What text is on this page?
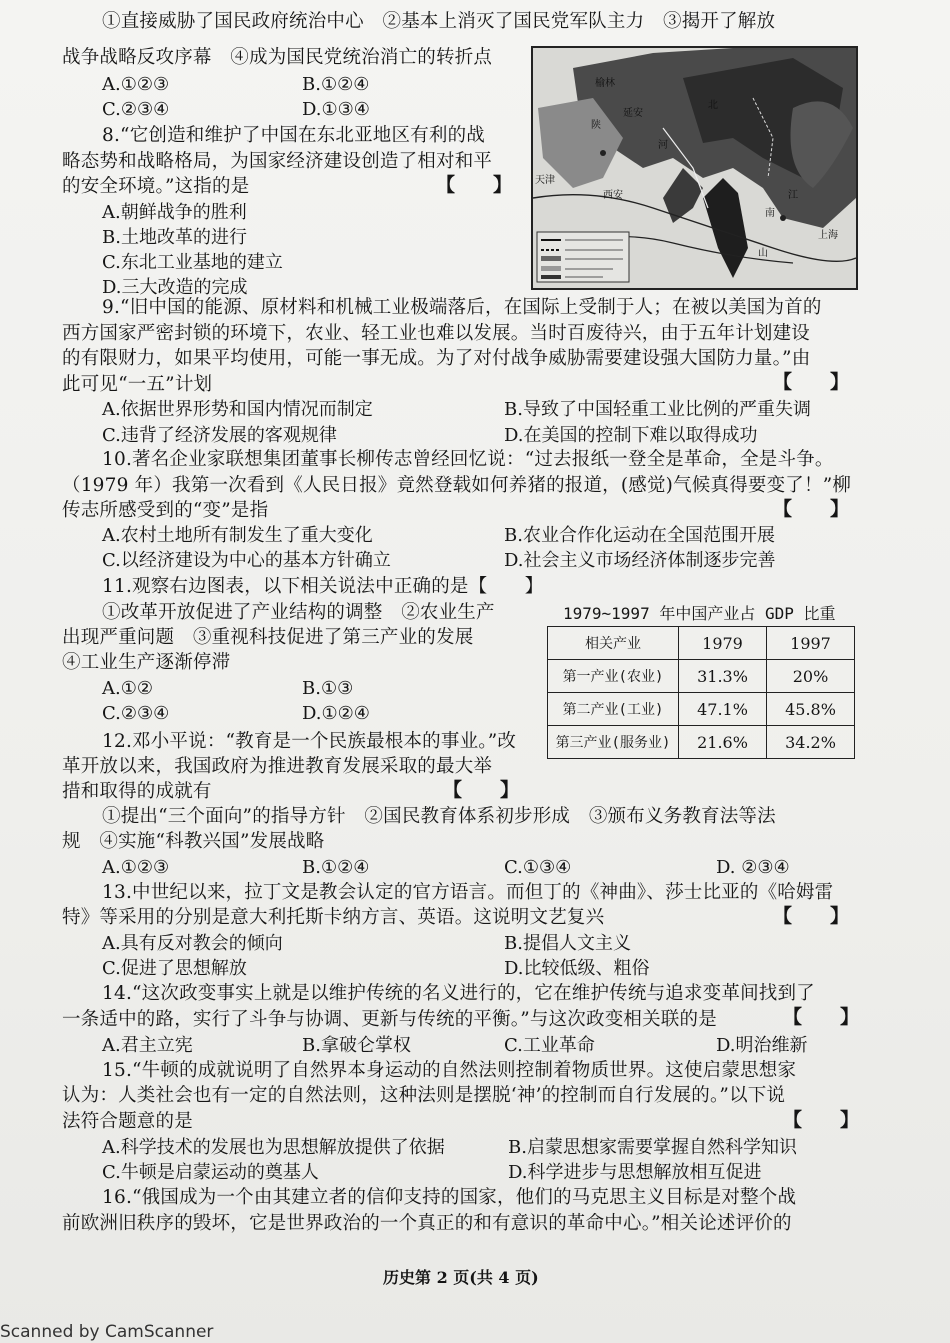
①直接威胁了国民政府统治中心　②基本上消灭了国民党军队主力　③揭开了解放
战争战略反攻序幕　④成为国民党统治消亡的转折点
A.①②③	B.①②④
C.②③④	D.①③④
榆林
陕
天津
延安
河
西安
南
山
北
上海
江
8.“它创造和维护了中国在东北亚地区有利的战
略态势和战略格局，为国家经济建设创造了相对和平
的安全环境。”这指的是	【　　】
A.朝鲜战争的胜利
B.土地改革的进行
C.东北工业基地的建立
D.三大改造的完成
9.“旧中国的能源、原材料和机械工业极端落后，在国际上受制于人；在被以美国为首的
西方国家严密封锁的环境下，农业、轻工业也难以发展。当时百废待兴，由于五年计划建设
的有限财力，如果平均使用，可能一事无成。为了对付战争威胁需要建设强大国防力量。”由
此可见“一五”计划	【　　】
A.依据世界形势和国内情况而制定	B.导致了中国轻重工业比例的严重失调
C.违背了经济发展的客观规律	D.在美国的控制下难以取得成功
10.著名企业家联想集团董事长柳传志曾经回忆说：“过去报纸一登全是革命，全是斗争。
（1979 年）我第一次看到《人民日报》竟然登载如何养猪的报道，(感觉)气候真得要变了！”柳
【　　】
传志所感受到的“变”是指
A.农村土地所有制发生了重大变化	B.农业合作化运动在全国范围开展
C.以经济建设为中心的基本方针确立	D.社会主义市场经济体制逐步完善
11.观察右边图表，以下相关说法中正确的是【　　】
①改革开放促进了产业结构的调整　②农业生产
出现严重问题　③重视科技促进了第三产业的发展
④工业生产逐渐停滞
A.①②	B.①③
C.②③④	D.①②④
1979~1997 年中国产业占 GDP 比重
相关产业	1979	1997
第一产业(农业)	31.3%	20%
第二产业(工业)	47.1%	45.8%
第三产业(服务业)	21.6%	34.2%
12.邓小平说：“教育是一个民族最根本的事业。”改
革开放以来，我国政府为推进教育发展采取的最大举
措和取得的成就有	【　　】
①提出“三个面向”的指导方针　②国民教育体系初步形成　③颁布义务教育法等法
规　④实施“科教兴国”发展战略
A.①②③	B.①②④	C.①③④	D. ②③④
13.中世纪以来，拉丁文是教会认定的官方语言。而但丁的《神曲》、莎士比亚的《哈姆雷
特》等采用的分别是意大利托斯卡纳方言、英语。这说明文艺复兴	【　　】
A.具有反对教会的倾向	B.提倡人文主义
C.促进了思想解放	D.比较低级、粗俗
14.“这次政变事实上就是以维护传统的名义进行的，它在维护传统与追求变革间找到了
一条适中的路，实行了斗争与协调、更新与传统的平衡。”与这次政变相关联的是	【　　】
A.君主立宪	B.拿破仑掌权	C.工业革命	D.明治维新
15.“牛顿的成就说明了自然界本身运动的自然法则控制着物质世界。这使启蒙思想家
认为：人类社会也有一定的自然法则，这种法则是摆脱‘神’的控制而自行发展的。”以下说
法符合题意的是	【　　】
A.科学技术的发展也为思想解放提供了依据	B.启蒙思想家需要掌握自然科学知识
C.牛顿是启蒙运动的奠基人	D.科学进步与思想解放相互促进
16.“俄国成为一个由其建立者的信仰支持的国家，他们的马克思主义目标是对整个战
前欧洲旧秩序的毁坏，它是世界政治的一个真正的和有意识的革命中心。”相关论述评价的
历史第 2 页(共 4 页)
Scanned by CamScanner
